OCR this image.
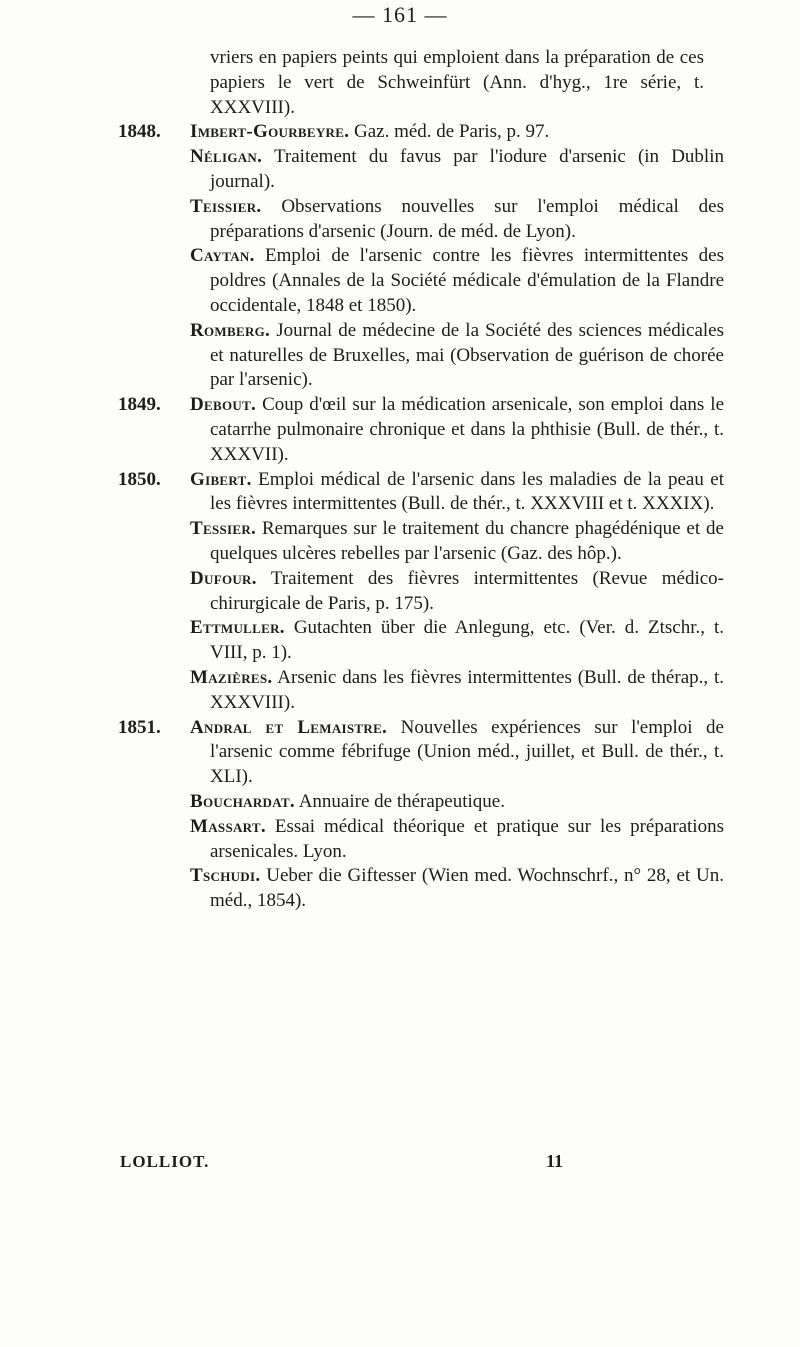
— 161 —
vriers en papiers peints qui emploient dans la préparation de ces papiers le vert de Schweinfürt (Ann. d'hyg., 1re série, t. XXXVIII).
1848. Imbert-Gourbeyre. Gaz. méd. de Paris, p. 97.
Néligan. Traitement du favus par l'iodure d'arsenic (in Dublin journal).
Teissier. Observations nouvelles sur l'emploi médical des préparations d'arsenic (Journ. de méd. de Lyon).
Caytan. Emploi de l'arsenic contre les fièvres intermittentes des poldres (Annales de la Société médicale d'émulation de la Flandre occidentale, 1848 et 1850).
Romberg. Journal de médecine de la Société des sciences médicales et naturelles de Bruxelles, mai (Observation de guérison de chorée par l'arsenic).
1849. Debout. Coup d'œil sur la médication arsenicale, son emploi dans le catarrhe pulmonaire chronique et dans la phthisie (Bull. de thér., t. XXXVII).
1850. Gibert. Emploi médical de l'arsenic dans les maladies de la peau et les fièvres intermittentes (Bull. de thér., t. XXXVIII et t. XXXIX).
Tessier. Remarques sur le traitement du chancre phagédénique et de quelques ulcères rebelles par l'arsenic (Gaz. des hôp.).
Dufour. Traitement des fièvres intermittentes (Revue médico-chirurgicale de Paris, p. 175).
Ettmuller. Gutachten über die Anlegung, etc. (Ver. d. Ztschr., t. VIII, p. 1).
Mazières. Arsenic dans les fièvres intermittentes (Bull. de thérap., t. XXXVIII).
1851. Andral et Lemaistre. Nouvelles expériences sur l'emploi de l'arsenic comme fébrifuge (Union méd., juillet, et Bull. de thér., t. XLI).
Bouchardat. Annuaire de thérapeutique.
Massart. Essai médical théorique et pratique sur les préparations arsenicales. Lyon.
Tschudi. Ueber die Giftesser (Wien med. Wochnschrf., n° 28, et Un. méd., 1854).
LOLLIOT.	11
